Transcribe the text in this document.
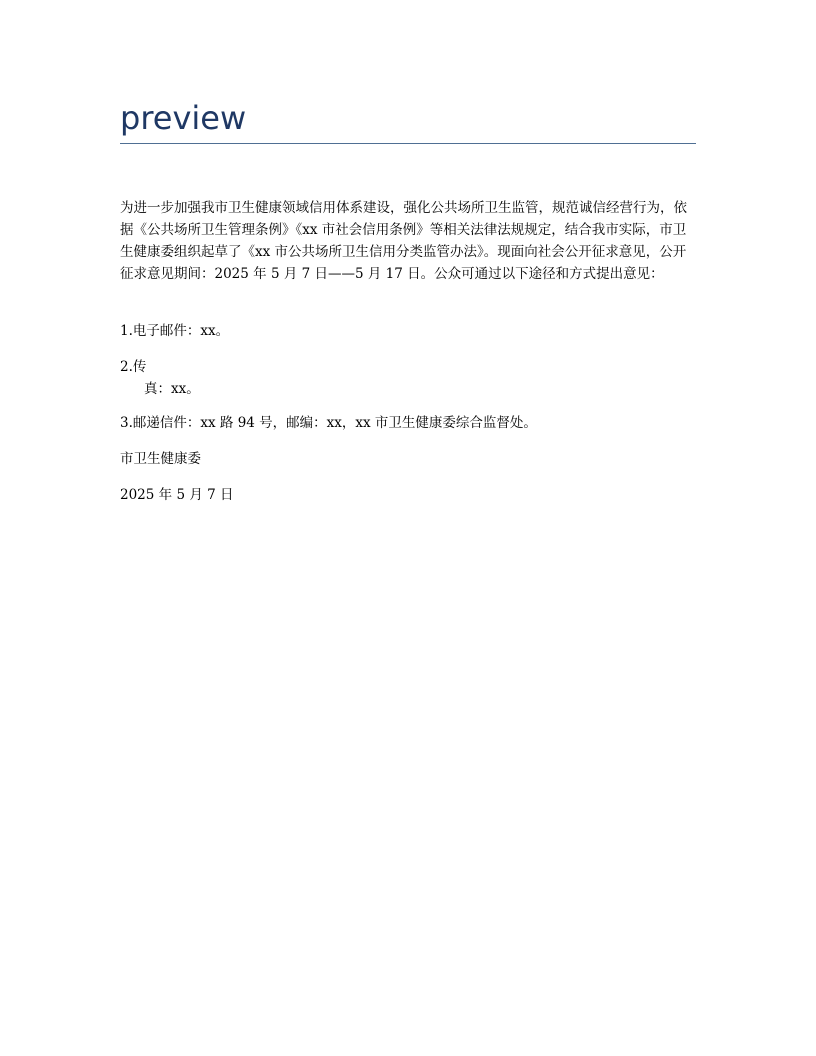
preview
为进一步加强我市卫生健康领域信用体系建设，强化公共场所卫生监管，规范诚信经营行为，依据《公共场所卫生管理条例》《xx 市社会信用条例》等相关法律法规规定，结合我市实际，市卫生健康委组织起草了《xx 市公共场所卫生信用分类监管办法》。现面向社会公开征求意见，公开征求意见期间：2025 年 5 月 7 日——5 月 17 日。公众可通过以下途径和方式提出意见：
1.电子邮件：xx。
2.传
真：xx。
3.邮递信件：xx 路 94 号，邮编：xx，xx 市卫生健康委综合监督处。
市卫生健康委
2025 年 5 月 7 日
